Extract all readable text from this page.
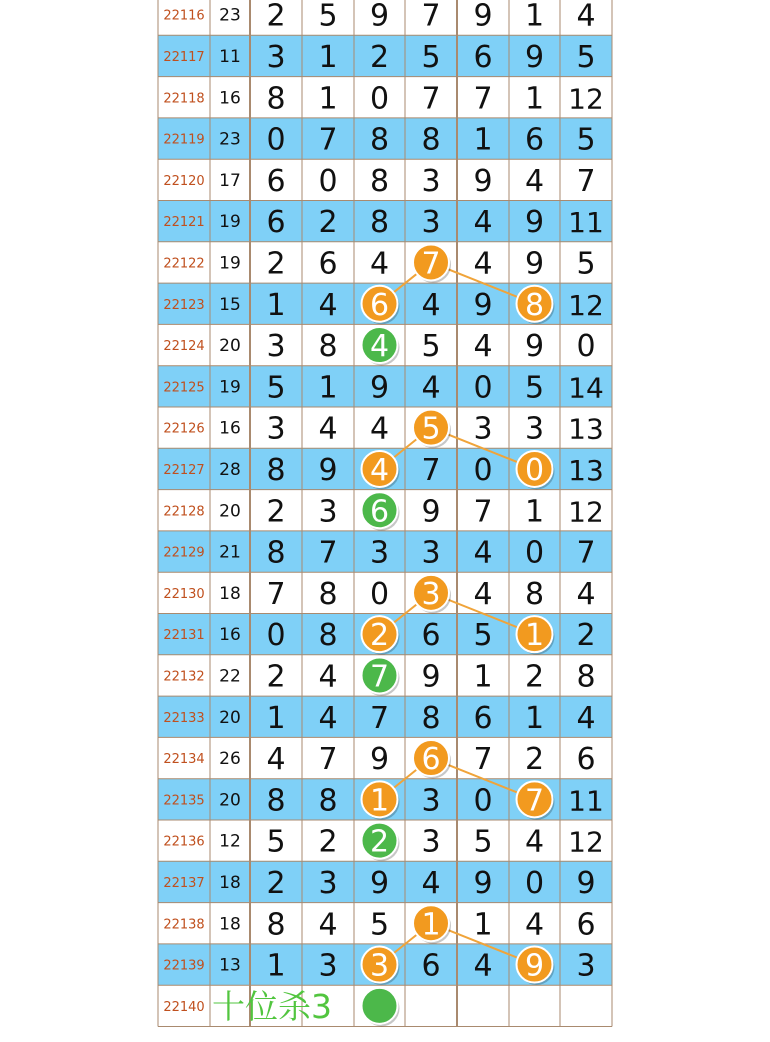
22116 23 2 5 9 7 9 1 4
22117 11 3 1 2 5 6 9 5
22118 16 8 1 0 7 7 1 12
22119 23 0 7 8 8 1 6 5
22120 17 6 0 8 3 9 4 7
22121 19 6 2 8 3 4 9 11
22122 19 2 6 4 7 4 9 5
22123 15 1 4 6 4 9 8 12
22124 20 3 8 4 5 4 9 0
22125 19 5 1 9 4 0 5 14
22126 16 3 4 4 5 3 3 13
22127 28 8 9 4 7 0 0 13
22128 20 2 3 6 9 7 1 12
22129 21 8 7 3 3 4 0 7
22130 18 7 8 0 3 4 8 4
22131 16 0 8 2 6 5 1 2
22132 22 2 4 7 9 1 2 8
22133 20 1 4 7 8 6 1 4
22134 26 4 7 9 6 7 2 6
22135 20 8 8 1 3 0 7 11
22136 12 5 2 2 3 5 4 12
22137 18 2 3 9 4 9 0 9
22138 18 8 4 5 1 1 4 6
22139 13 1 3 3 6 4 9 3
22140 十位杀3
